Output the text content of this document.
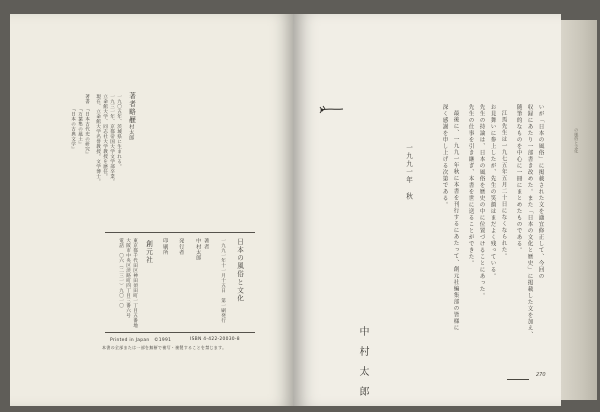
著者略歴
中村太郎
一九〇五年、茨城県に生まれる。
一九三一年、京都帝国大学文学部卒業。
立命館大学、同志社大学教授を歴任。
現在、立命館大学名誉教授。文学博士。
著書　『日本古代史の研究』
　　　『万葉集の風土』
　　　『日本の古典文学』
日本の風俗と文化
一九九一年十一月十五日　第一刷発行
著者
中村太郎
発行者
印刷所
創元社
東京都千代田区神田須田町一丁目五番地
大阪市中央区淡路町四丁目三番六号
電話　〇六（二三一）九〇一〇
Printed in Japan　©1991	ISBN 4-422-20030-8
本書の全部または一部を無断で複写・複製することを禁じます。
いが「日本の風俗」に掲載された文を適宜修正して、今回の
収録にあたり一部書き改めた。また「日本の文化と歴史」に掲載した文を加え、
随筆的なものを中心に一冊にまとめたものである。
江馬先生は一九七五年五月二十日になくなられた。
お見舞いに参上したが、先生の笑顔はまだよく残っている。
先生の持論は、日本の風俗を歴史の中に位置づけることにあった。
先生の仕事を引き継ぎ、本書を世に送ることができた。
最後に、一九九一年秋に本書を刊行するにあたって、創元社編集部の皆様に
深く感謝を申し上げる次第である。
一九九一年　秋
中村太郎	270
の風俗と文化
